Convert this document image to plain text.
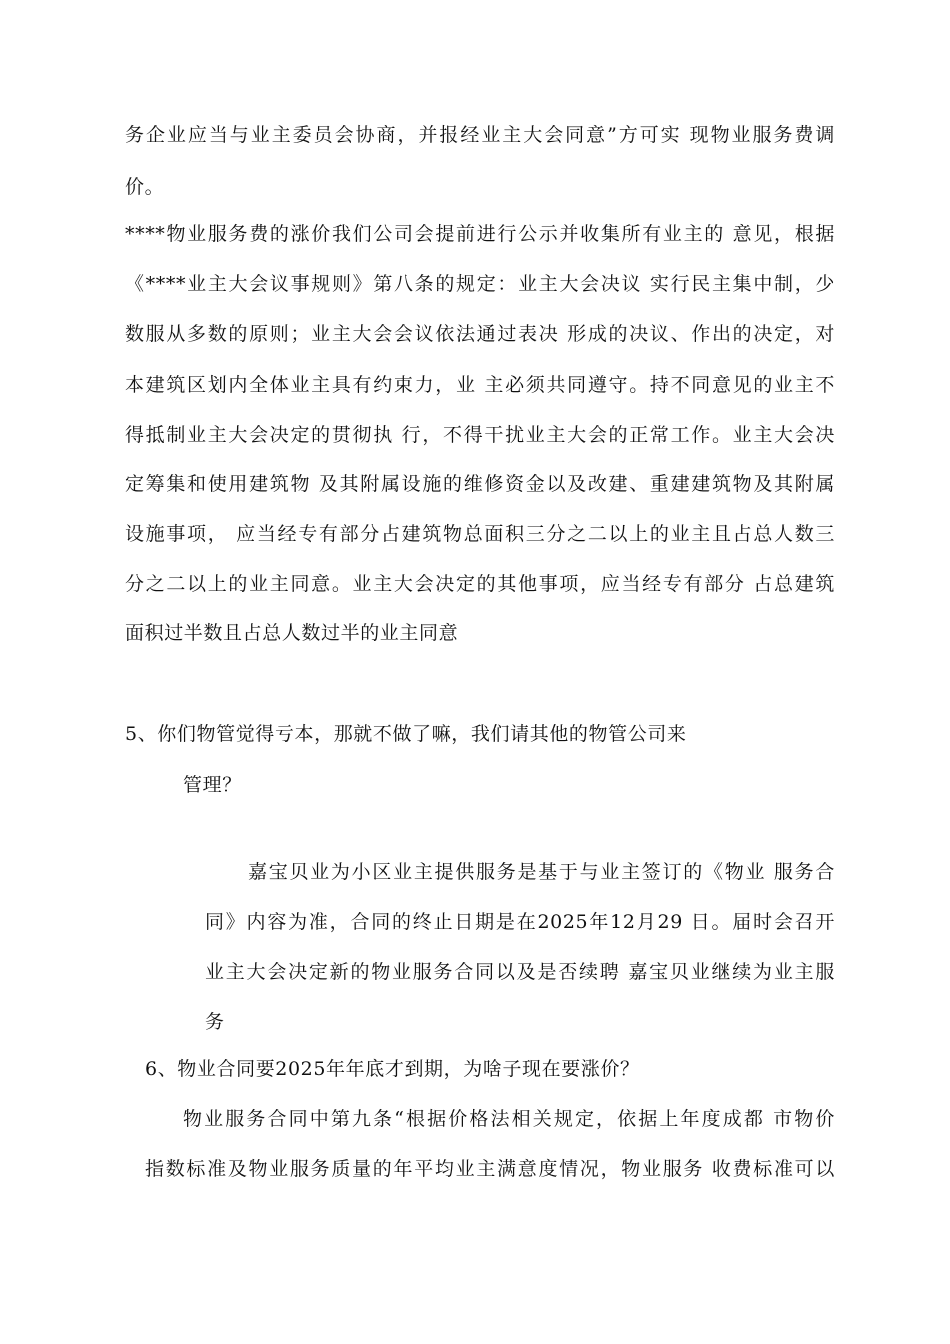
务企业应当与业主委员会协商，并报经业主大会同意”方可实 现物业服务费调
价。
****物业服务费的涨价我们公司会提前进行公示并收集所有业主的 意见，根据
《****业主大会议事规则》第八条的规定：业主大会决议 实行民主集中制，少
数服从多数的原则；业主大会会议依法通过表决 形成的决议、作出的决定，对
本建筑区划内全体业主具有约束力，业 主必须共同遵守。持不同意见的业主不
得抵制业主大会决定的贯彻执 行，不得干扰业主大会的正常工作。业主大会决
定筹集和使用建筑物 及其附属设施的维修资金以及改建、重建建筑物及其附属
设施事项， 应当经专有部分占建筑物总面积三分之二以上的业主且占总人数三
分之二以上的业主同意。业主大会决定的其他事项，应当经专有部分 占总建筑
面积过半数且占总人数过半的业主同意
5、你们物管觉得亏本，那就不做了嘛，我们请其他的物管公司来
管理？
嘉宝贝业为小区业主提供服务是基于与业主签订的《物业 服务合
同》内容为准，合同的终止日期是在2025年12月29 日。届时会召开
业主大会决定新的物业服务合同以及是否续聘 嘉宝贝业继续为业主服
务
6、物业合同要2025年年底才到期，为啥子现在要涨价？
物业服务合同中第九条“根据价格法相关规定，依据上年度成都 市物价
指数标准及物业服务质量的年平均业主满意度情况，物业服务 收费标准可以
